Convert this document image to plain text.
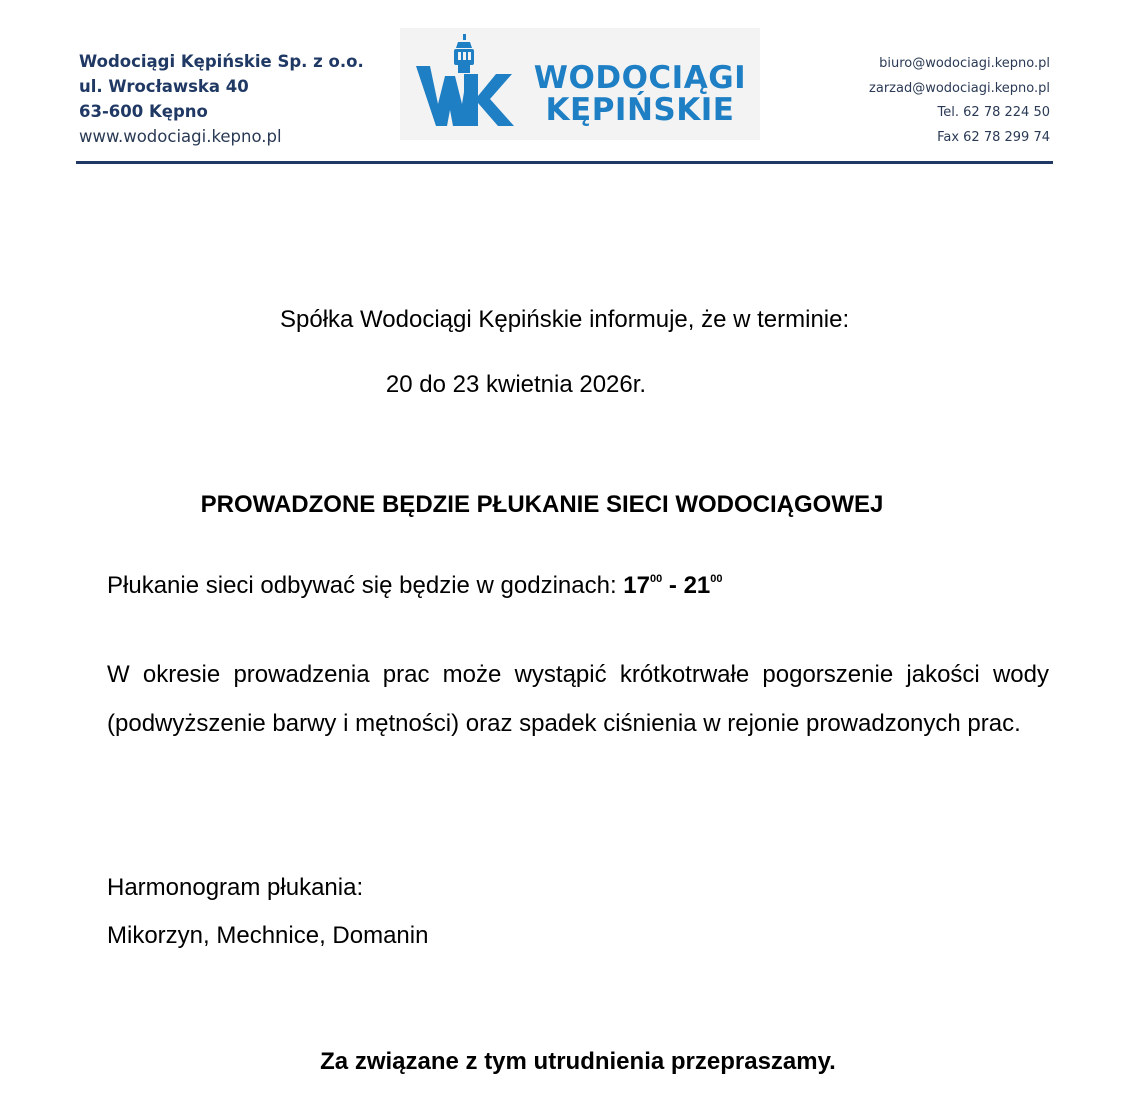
Wodociągi Kępińskie Sp. z o.o.
ul. Wrocławska 40
63-600 Kępno
www.wodociagi.kepno.pl
WODOCIĄGI
KĘPIŃSKIE
biuro@wodociagi.kepno.pl
zarzad@wodociagi.kepno.pl
Tel. 62 78 224 50
Fax 62 78 299 74
Spółka Wodociągi Kępińskie informuje, że w terminie:
20 do 23 kwietnia 2026r.
PROWADZONE BĘDZIE PŁUKANIE SIECI WODOCIĄGOWEJ
Płukanie sieci odbywać się będzie w godzinach: $17^{00} - 21^{00}$
W okresie prowadzenia prac może wystąpić krótkotrwałe pogorszenie jakości wody (podwyższenie barwy i mętności) oraz spadek ciśnienia w rejonie prowadzonych prac.
Harmonogram płukania:
Mikorzyn, Mechnice, Domanin
Za związane z tym utrudnienia przepraszamy.
